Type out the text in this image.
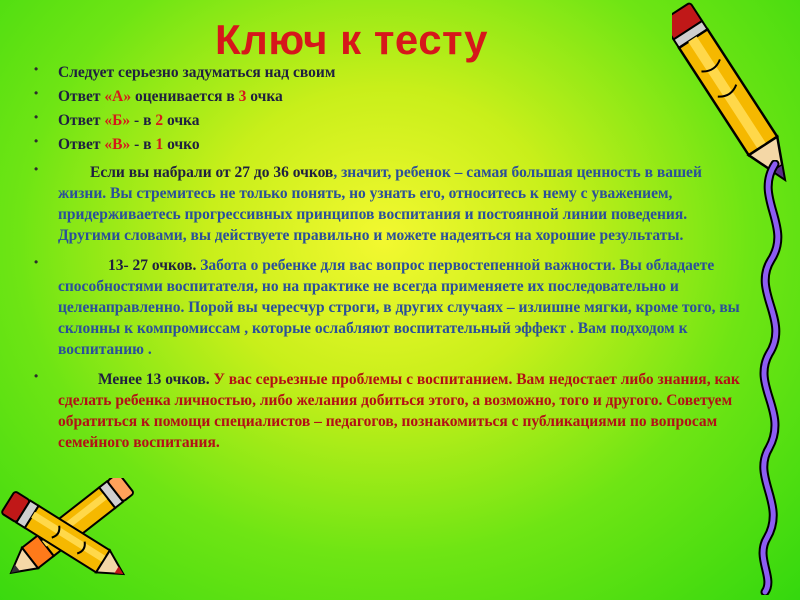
Ключ к тесту
• Следует серьезно задуматься над своим
• Ответ «А» оценивается в 3 очка
• Ответ «Б» - в 2 очка
• Ответ «В» - в 1 очко
•	Если вы набрали от 27 до 36 очков, значит, ребенок – самая большая ценность в вашей жизни. Вы стремитесь не только понять, но узнать его, относитесь к нему с уважением, придерживаетесь прогрессивных принципов воспитания и постоянной линии поведения. Другими словами, вы действуете правильно и можете надеяться на хорошие результаты.
•	13- 27 очков. Забота о ребенке для вас вопрос первостепенной важности. Вы обладаете способностями воспитателя, но на практике не всегда применяете их последовательно и целенаправленно. Порой вы чересчур строги, в других случаях – излишне мягки, кроме того, вы склонны к компромиссам , которые ослабляют воспитательный эффект . Вам подходом к воспитанию .
•	Менее 13 очков. У вас серьезные проблемы с воспитанием. Вам недостает либо знания, как сделать ребенка личностью, либо желания добиться этого, а возможно, того и другого. Советуем обратиться к помощи специалистов – педагогов, познакомиться с публикациями по вопросам семейного воспитания.
